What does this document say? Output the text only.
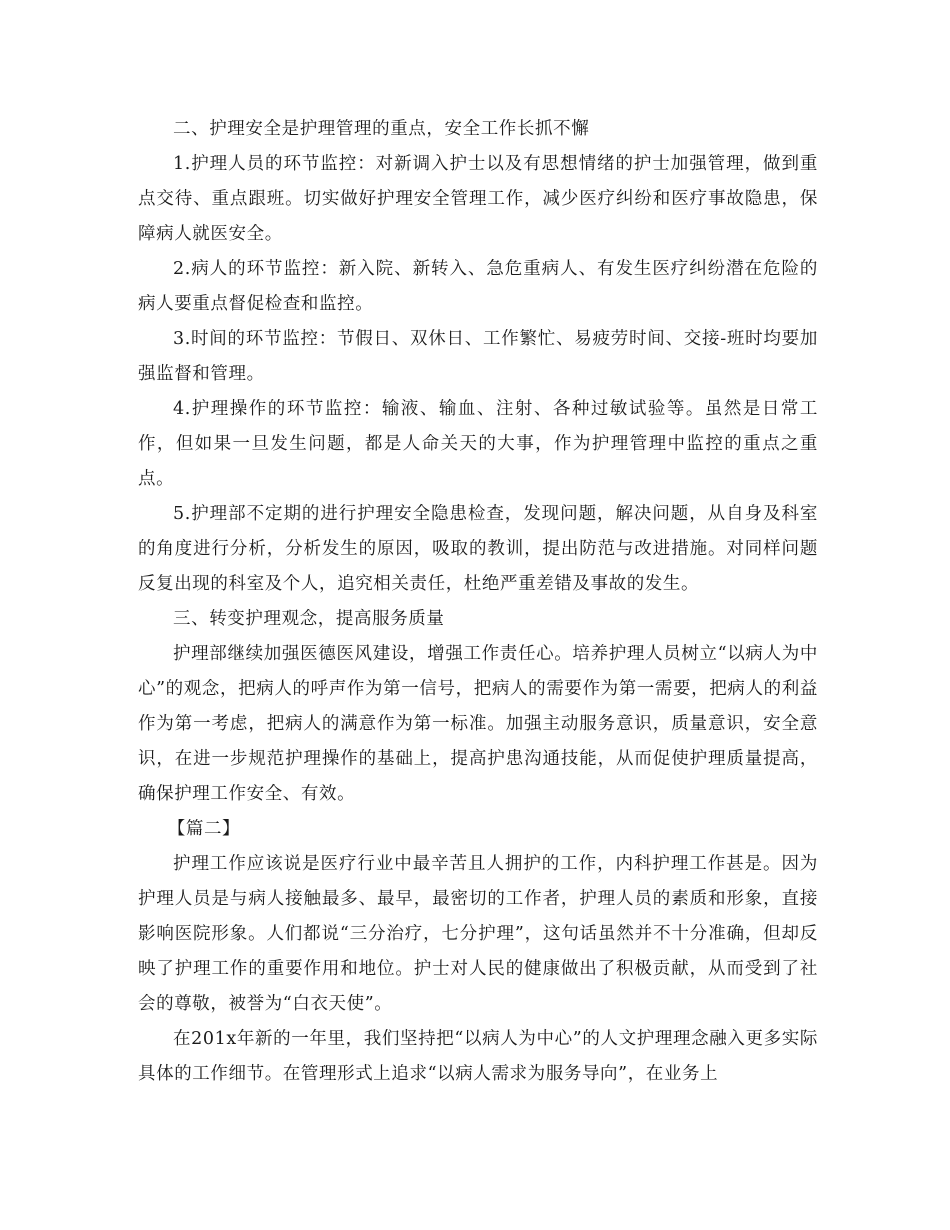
二、护理安全是护理管理的重点，安全工作长抓不懈

1.护理人员的环节监控：对新调入护士以及有思想情绪的护士加强管理，做到重点交待、重点跟班。切实做好护理安全管理工作，减少医疗纠纷和医疗事故隐患，保障病人就医安全。

2.病人的环节监控：新入院、新转入、急危重病人、有发生医疗纠纷潜在危险的病人要重点督促检查和监控。

3.时间的环节监控：节假日、双休日、工作繁忙、易疲劳时间、交接-班时均要加强监督和管理。

4.护理操作的环节监控：输液、输血、注射、各种过敏试验等。虽然是日常工作，但如果一旦发生问题，都是人命关天的大事，作为护理管理中监控的重点之重点。

5.护理部不定期的进行护理安全隐患检查，发现问题，解决问题，从自身及科室的角度进行分析，分析发生的原因，吸取的教训，提出防范与改进措施。对同样问题反复出现的科室及个人，追究相关责任，杜绝严重差错及事故的发生。

三、转变护理观念，提高服务质量

护理部继续加强医德医风建设，增强工作责任心。培养护理人员树立“以病人为中心”的观念，把病人的呼声作为第一信号，把病人的需要作为第一需要，把病人的利益作为第一考虑，把病人的满意作为第一标准。加强主动服务意识，质量意识，安全意识，在进一步规范护理操作的基础上，提高护患沟通技能，从而促使护理质量提高，确保护理工作安全、有效。

【篇二】

护理工作应该说是医疗行业中最辛苦且人拥护的工作，内科护理工作甚是。因为护理人员是与病人接触最多、最早，最密切的工作者，护理人员的素质和形象，直接影响医院形象。人们都说“三分治疗，七分护理”，这句话虽然并不十分准确，但却反映了护理工作的重要作用和地位。护士对人民的健康做出了积极贡献，从而受到了社会的尊敬，被誉为“白衣天使”。

在201x年新的一年里，我们坚持把“以病人为中心”的人文护理理念融入更多实际具体的工作细节。在管理形式上追求“以病人需求为服务导向”，在业务上
